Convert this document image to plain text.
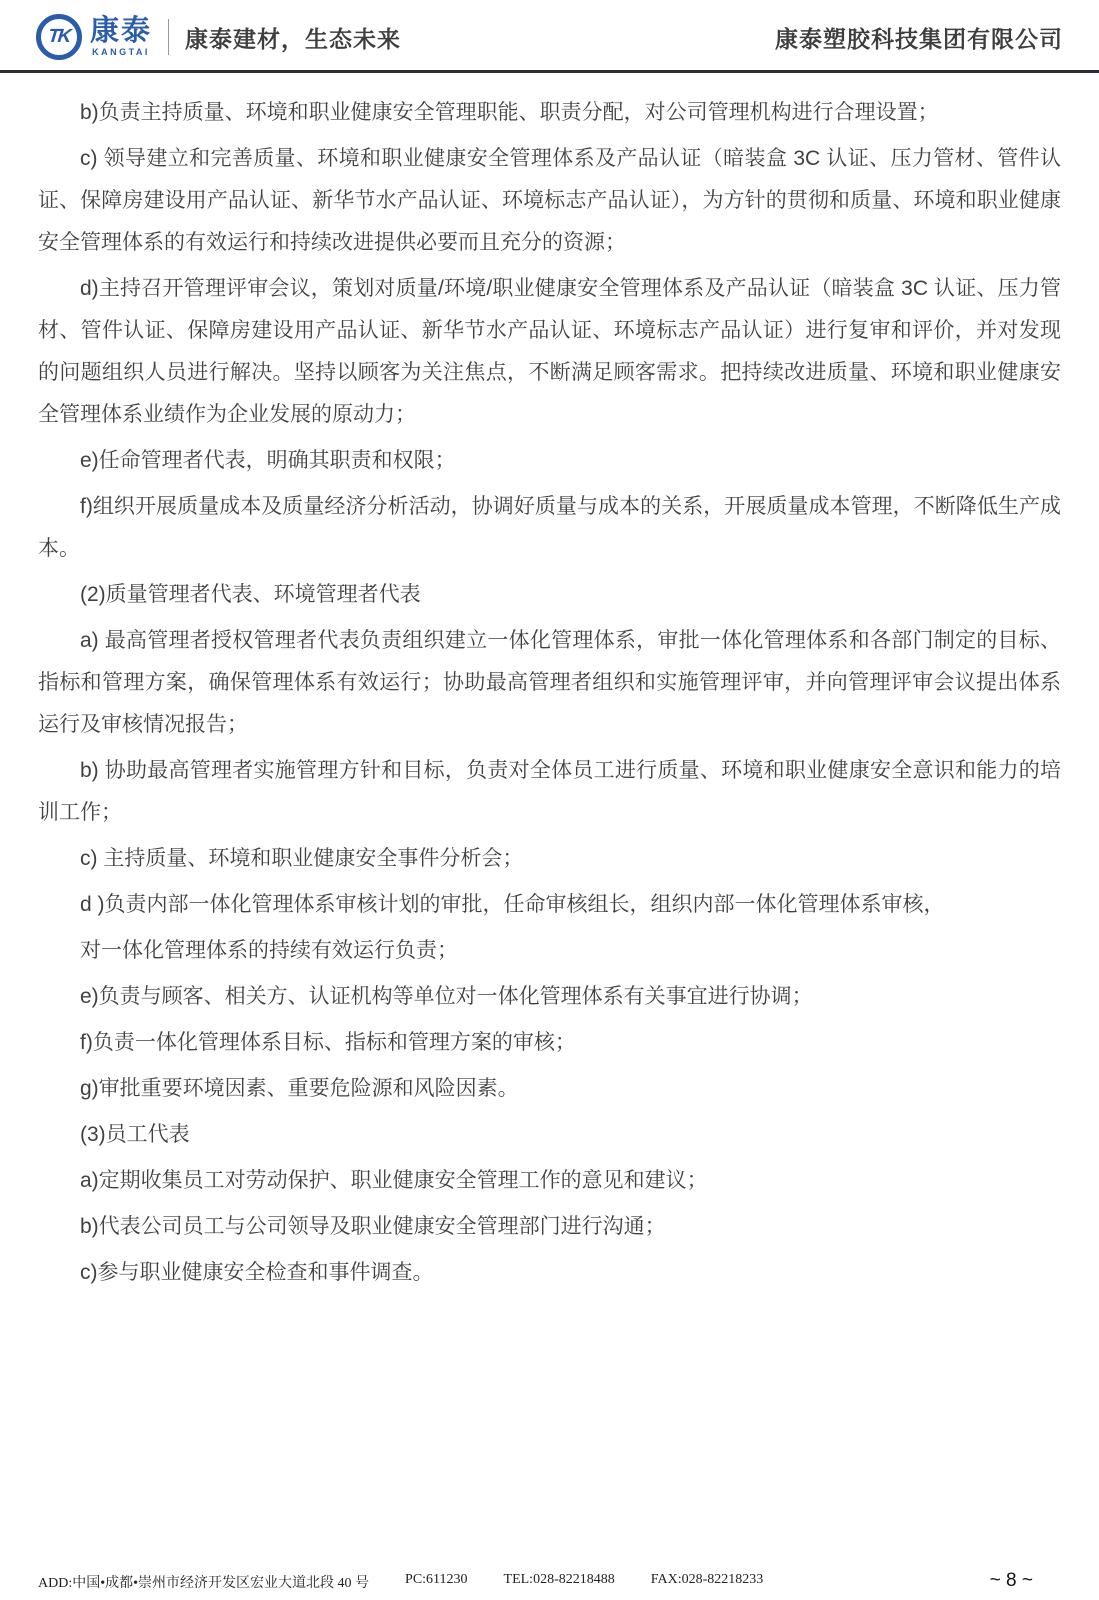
TK 康泰
KANGTAI
康泰建材，生态未来	康泰塑胶科技集团有限公司

b)负责主持质量、环境和职业健康安全管理职能、职责分配，对公司管理机构进行合理设置；

c) 领导建立和完善质量、环境和职业健康安全管理体系及产品认证（暗装盒 3C 认证、压力管材、管件认证、保障房建设用产品认证、新华节水产品认证、环境标志产品认证），为方针的贯彻和质量、环境和职业健康安全管理体系的有效运行和持续改进提供必要而且充分的资源；

d)主持召开管理评审会议，策划对质量/环境/职业健康安全管理体系及产品认证（暗装盒 3C 认证、压力管材、管件认证、保障房建设用产品认证、新华节水产品认证、环境标志产品认证）进行复审和评价，并对发现的问题组织人员进行解决。坚持以顾客为关注焦点，不断满足顾客需求。把持续改进质量、环境和职业健康安全管理体系业绩作为企业发展的原动力；

e)任命管理者代表，明确其职责和权限；

f)组织开展质量成本及质量经济分析活动，协调好质量与成本的关系，开展质量成本管理，不断降低生产成本。

(2)质量管理者代表、环境管理者代表

a) 最高管理者授权管理者代表负责组织建立一体化管理体系，审批一体化管理体系和各部门制定的目标、指标和管理方案，确保管理体系有效运行；协助最高管理者组织和实施管理评审，并向管理评审会议提出体系运行及审核情况报告；

b) 协助最高管理者实施管理方针和目标，负责对全体员工进行质量、环境和职业健康安全意识和能力的培训工作；

c) 主持质量、环境和职业健康安全事件分析会；

d )负责内部一体化管理体系审核计划的审批，任命审核组长，组织内部一体化管理体系审核，

对一体化管理体系的持续有效运行负责；

e)负责与顾客、相关方、认证机构等单位对一体化管理体系有关事宜进行协调；

f)负责一体化管理体系目标、指标和管理方案的审核；

g)审批重要环境因素、重要危险源和风险因素。

(3)员工代表

a)定期收集员工对劳动保护、职业健康安全管理工作的意见和建议；

b)代表公司员工与公司领导及职业健康安全管理部门进行沟通；

c)参与职业健康安全检查和事件调查。

ADD:中国•成都•崇州市经济开发区宏业大道北段 40 号	PC:611230	TEL:028-82218488	FAX:028-82218233	~ 8 ~
